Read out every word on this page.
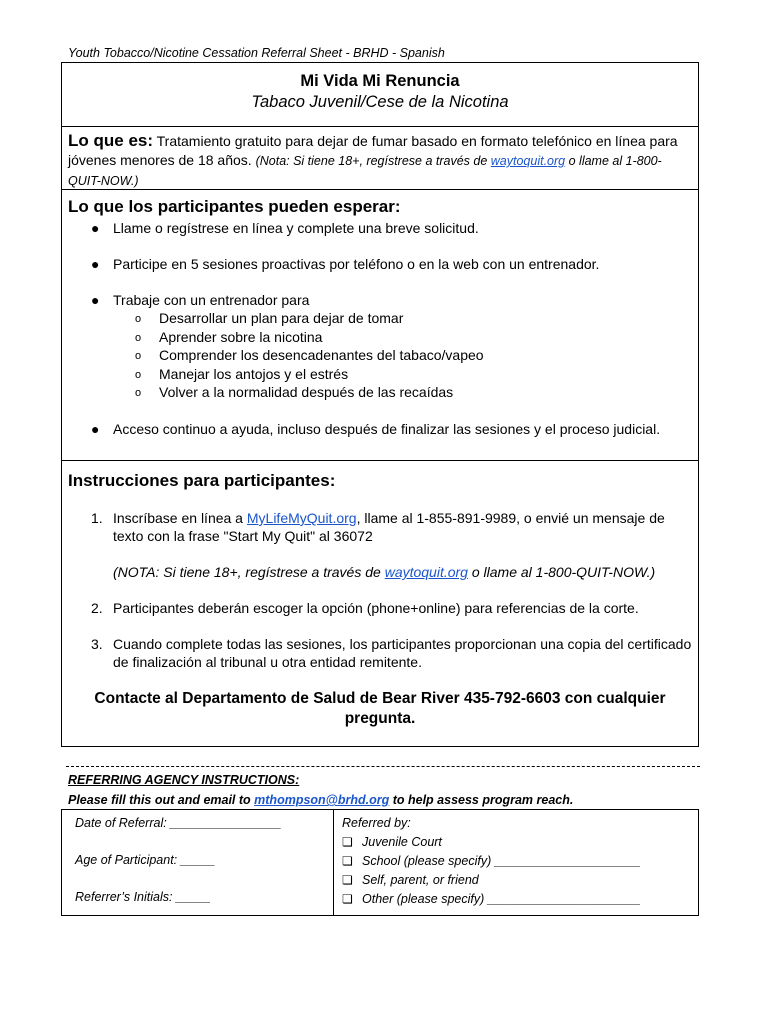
Youth Tobacco/Nicotine Cessation Referral Sheet - BRHD - Spanish
Mi Vida Mi Renuncia
Tabaco Juvenil/Cese de la Nicotina
Lo que es: Tratamiento gratuito para dejar de fumar basado en formato telefónico en línea para jóvenes menores de 18 años. (Nota: Si tiene 18+, regístrese a través de waytoquit.org o llame al 1-800-QUIT-NOW.)
Lo que los participantes pueden esperar:
● Llame o regístrese en línea y complete una breve solicitud.
● Participe en 5 sesiones proactivas por teléfono o en la web con un entrenador.
● Trabaje con un entrenador para
o Desarrollar un plan para dejar de tomar
o Aprender sobre la nicotina
o Comprender los desencadenantes del tabaco/vapeo
o Manejar los antojos y el estrés
o Volver a la normalidad después de las recaídas
● Acceso continuo a ayuda, incluso después de finalizar las sesiones y el proceso judicial.
Instrucciones para participantes:
1. Inscríbase en línea a MyLifeMyQuit.org, llame al 1-855-891-9989, o envié un mensaje de texto con la frase "Start My Quit" al 36072
(NOTA: Si tiene 18+, regístrese a través de waytoquit.org o llame al 1-800-QUIT-NOW.)
2. Participantes deberán escoger la opción (phone+online) para referencias de la corte.
3. Cuando complete todas las sesiones, los participantes proporcionan una copia del certificado de finalización al tribunal u otra entidad remitente.
Contacte al Departamento de Salud de Bear River 435-792-6603 con cualquier pregunta.
REFERRING AGENCY INSTRUCTIONS:
Please fill this out and email to mthompson@brhd.org to help assess program reach.
Date of Referral: ________________
Age of Participant: _____
Referrer’s Initials: _____
Referred by:
❏ Juvenile Court
❏ School (please specify) _____________________
❏ Self, parent, or friend
❏ Other (please specify) ______________________
